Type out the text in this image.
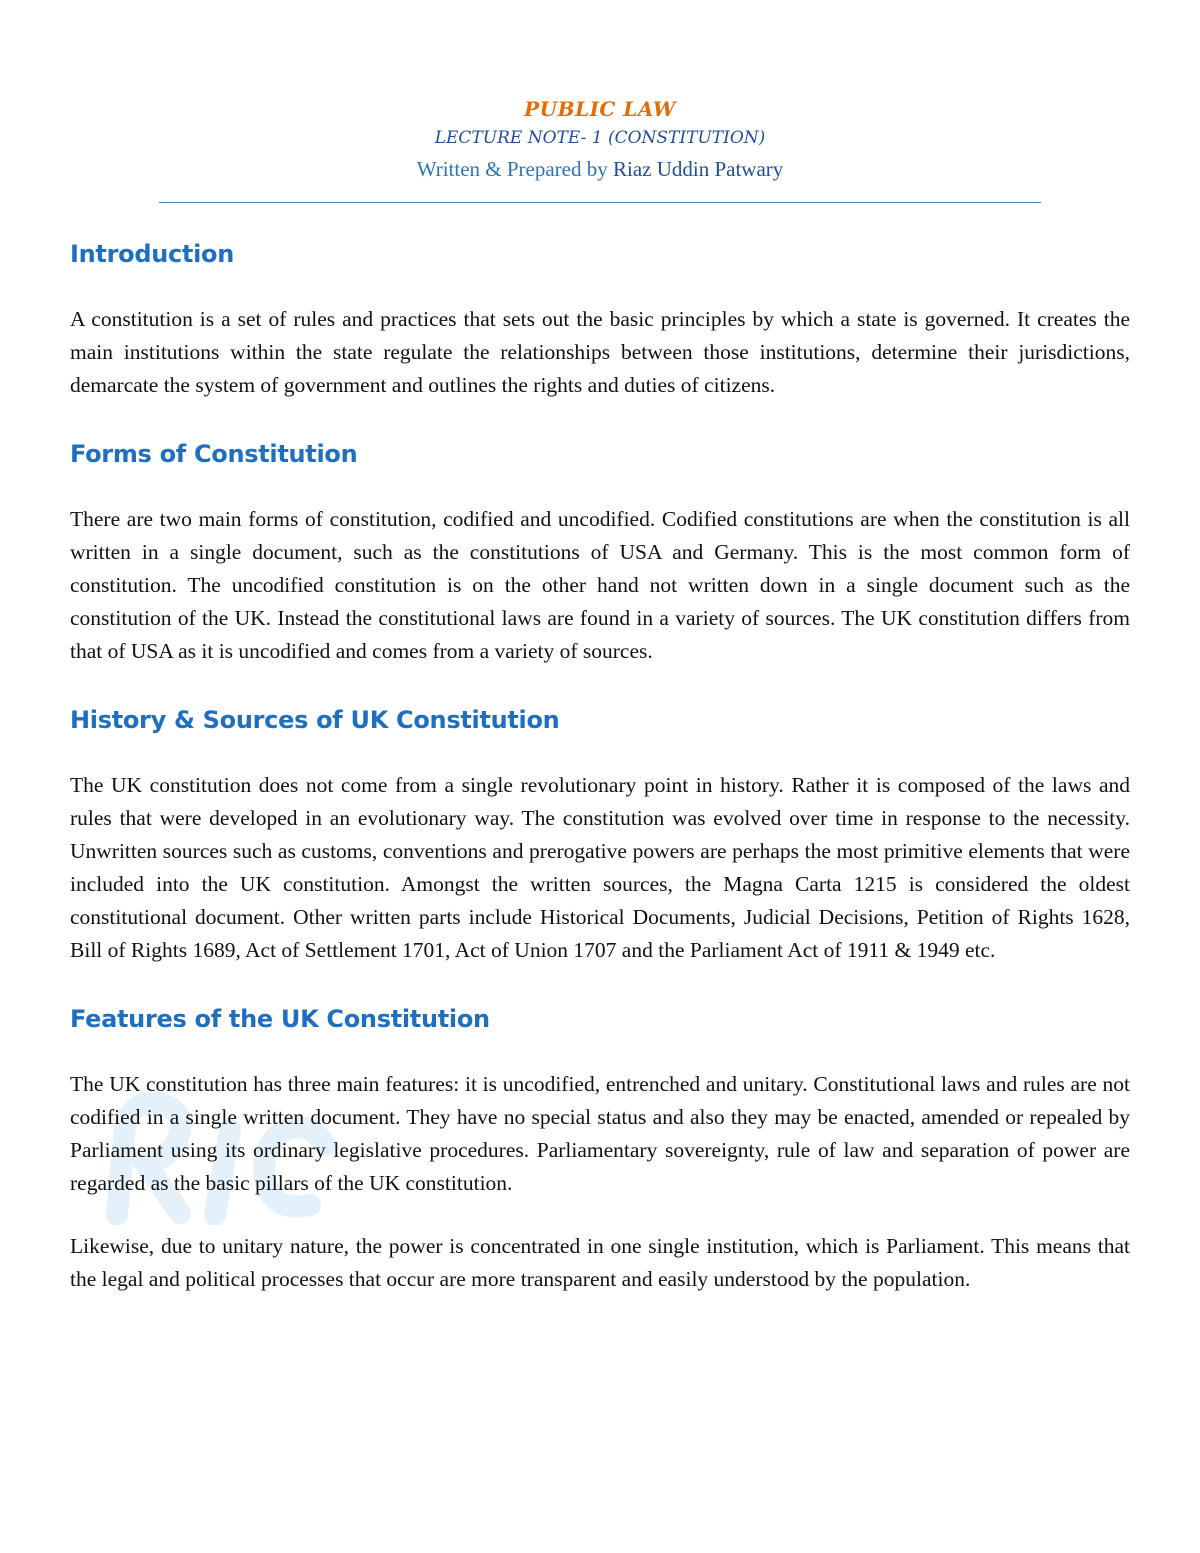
PUBLIC LAW

LECTURE NOTE- 1 (CONSTITUTION)

Written & Prepared by Riaz Uddin Patwary

Introduction

A constitution is a set of rules and practices that sets out the basic principles by which a state is governed. It creates the main institutions within the state regulate the relationships between those institutions, determine their jurisdictions, demarcate the system of government and outlines the rights and duties of citizens.

Forms of Constitution

There are two main forms of constitution, codified and uncodified. Codified constitutions are when the constitution is all written in a single document, such as the constitutions of USA and Germany. This is the most common form of constitution. The uncodified constitution is on the other hand not written down in a single document such as the constitution of the UK. Instead the constitutional laws are found in a variety of sources. The UK constitution differs from that of USA as it is uncodified and comes from a variety of sources.

History & Sources of UK Constitution

The UK constitution does not come from a single revolutionary point in history. Rather it is composed of the laws and rules that were developed in an evolutionary way. The constitution was evolved over time in response to the necessity. Unwritten sources such as customs, conventions and prerogative powers are perhaps the most primitive elements that were included into the UK constitution. Amongst the written sources, the Magna Carta 1215 is considered the oldest constitutional document. Other written parts include Historical Documents, Judicial Decisions, Petition of Rights 1628, Bill of Rights 1689, Act of Settlement 1701, Act of Union 1707 and the Parliament Act of 1911 & 1949 etc.

Features of the UK Constitution

The UK constitution has three main features: it is uncodified, entrenched and unitary. Constitutional laws and rules are not codified in a single written document. They have no special status and also they may be enacted, amended or repealed by Parliament using its ordinary legislative procedures. Parliamentary sovereignty, rule of law and separation of power are regarded as the basic pillars of the UK constitution.

Likewise, due to unitary nature, the power is concentrated in one single institution, which is Parliament. This means that the legal and political processes that occur are more transparent and easily understood by the population.
